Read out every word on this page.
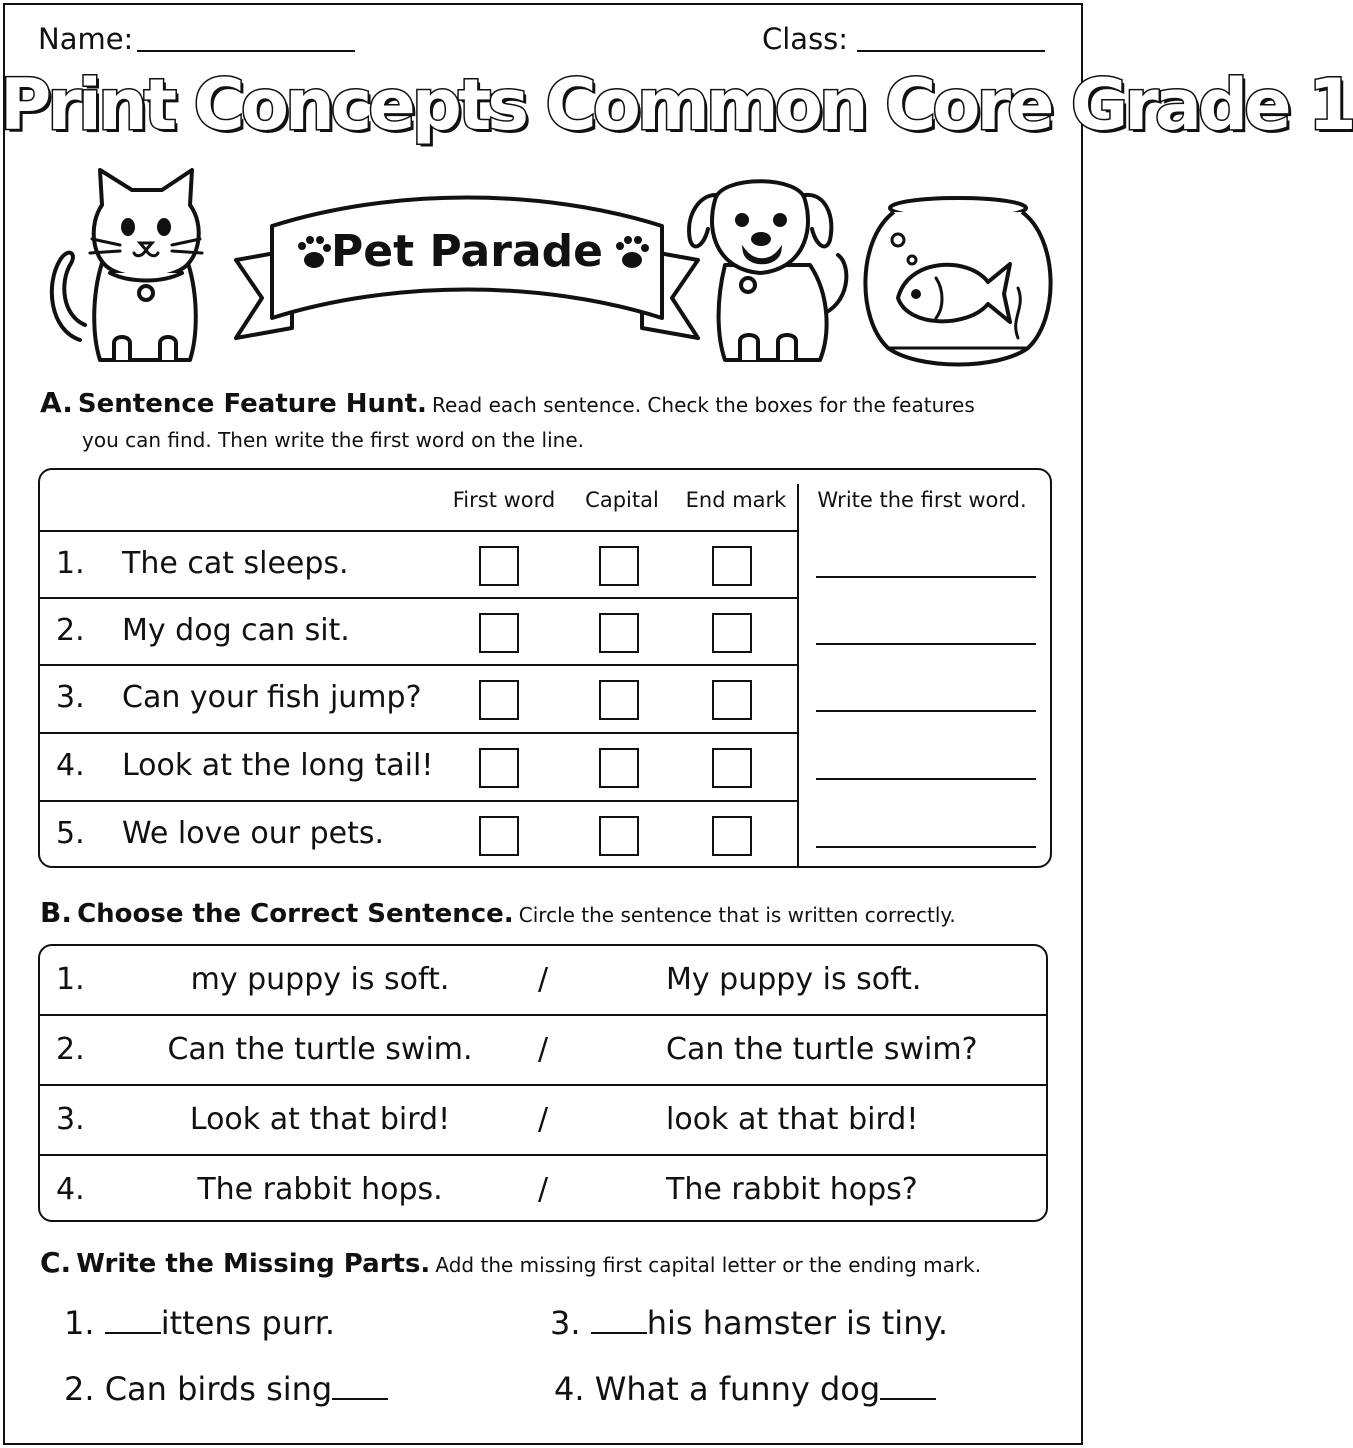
Name:	Class:
Print Concepts Common Core Grade 1
Pet Parade
A. Sentence Feature Hunt. Read each sentence. Check the boxes for the features
you can find. Then write the first word on the line.
First word	Capital	End mark	Write the first word.
1. The cat sleeps.
2. My dog can sit.
3. Can your fish jump?
4. Look at the long tail!
5. We love our pets.
B. Choose the Correct Sentence. Circle the sentence that is written correctly.
1.	my puppy is soft.	/	My puppy is soft.
2.	Can the turtle swim.	/	Can the turtle swim?
3.	Look at that bird!	/	look at that bird!
4.	The rabbit hops.	/	The rabbit hops?
C. Write the Missing Parts. Add the missing first capital letter or the ending mark.
1. ittens purr.
2. Can birds sing
3. his hamster is tiny.
4. What a funny dog
